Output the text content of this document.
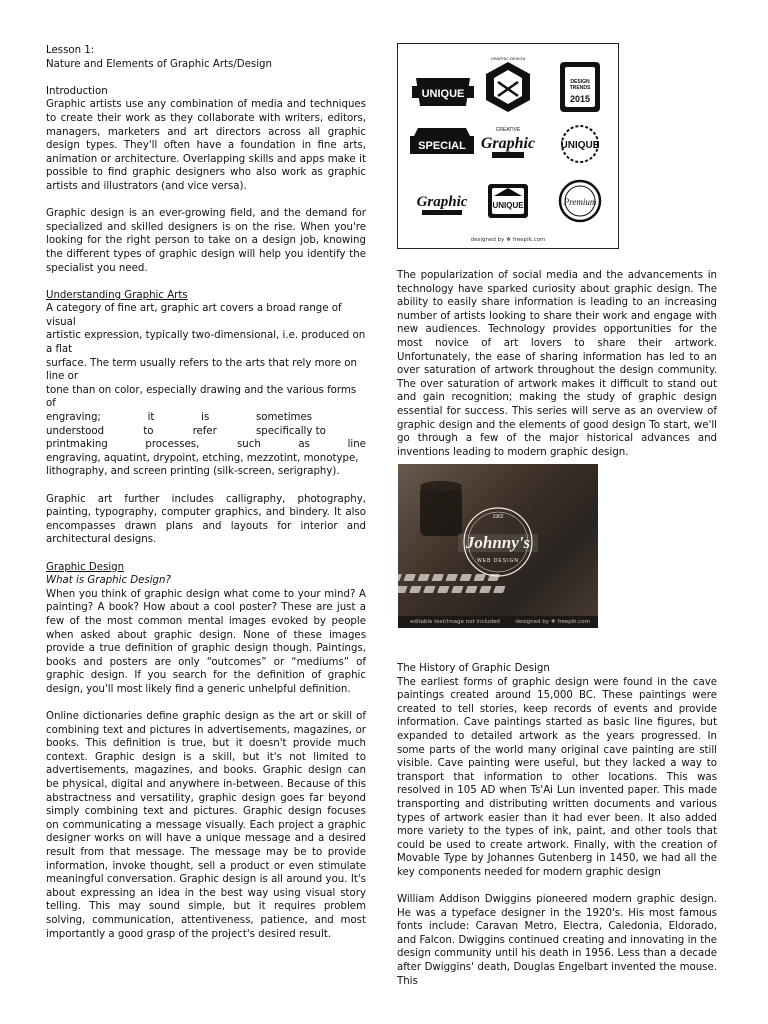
Lesson 1:

Nature and Elements of Graphic Arts/Design

Introduction

Graphic artists use any combination of media and techniques to create their work as they collaborate with writers, editors, managers, marketers and art directors across all graphic design types. They'll often have a foundation in fine arts, animation or architecture. Overlapping skills and apps make it possible to find graphic designers who also work as graphic artists and illustrators (and vice versa).

Graphic design is an ever-growing field, and the demand for specialized and skilled designers is on the rise. When you're looking for the right person to take on a design job, knowing the different types of graphic design will help you identify the specialist you need.

Understanding Graphic Arts

A category of fine art, graphic art covers a broad range of visual

artistic expression, typically two-dimensional, i.e. produced on a flat

surface. The term usually refers to the arts that rely more on line or

tone than on color, especially drawing and the various forms of

engraving;	it	is	sometimes
understood	to	refer	specifically to
printmaking	processes,	such	as	line

engraving, aquatint, drypoint, etching, mezzotint, monotype,

lithography, and screen printing (silk-screen, serigraphy).

Graphic art further includes calligraphy, photography, painting, typography, computer graphics, and bindery. It also encompasses drawn plans and layouts for interior and architectural designs.

Graphic Design

What is Graphic Design?

When you think of graphic design what come to your mind? A painting? A book? How about a cool poster? These are just a few of the most common mental images evoked by people when asked about graphic design. None of these images provide a true definition of graphic design though. Paintings, books and posters are only “outcomes” or “mediums” of graphic design. If you search for the definition of graphic design, you'll most likely find a generic unhelpful definition.

Online dictionaries define graphic design as the art or skill of combining text and pictures in advertisements, magazines, or books. This definition is true, but it doesn't provide much context. Graphic design is a skill, but it's not limited to advertisements, magazines, and books. Graphic design can be physical, digital and anywhere in-between. Because of this abstractness and versatility, graphic design goes far beyond simply combining text and pictures. Graphic design focuses on communicating a message visually. Each project a graphic designer works on will have a unique message and a desired result from that message. The message may be to provide information, invoke thought, sell a product or even stimulate meaningful conversation. Graphic design is all around you. It's about expressing an idea in the best way using visual story telling. This may sound simple, but it requires problem solving, communication, attentiveness, patience, and most importantly a good grasp of the project's desired result.

UNIQUE
GRAPHIC DESIGN
DESIGN
TRENDS
2015
SPECIAL
CREATIVE
Graphic	UNIQUE
Graphic	UNIQUE	Premium
designed by ❖ freepik.com

The popularization of social media and the advancements in technology have sparked curiosity about graphic design. The ability to easily share information is leading to an increasing number of artists looking to share their work and engage with new audiences. Technology provides opportunities for the most novice of art lovers to share their artwork. Unfortunately, the ease of sharing information has led to an over saturation of artwork throughout the design community. The over saturation of artwork makes it difficult to stand out and gain recognition; making the study of graphic design essential for success. This series will serve as an overview of graphic design and the elements of good design To start, we'll go through a few of the major historical advances and inventions leading to modern graphic design.

1962
Johnny's
WEB DESIGN
editable text/image not included	designed by ❖ freepik.com

The History of Graphic Design

The earliest forms of graphic design were found in the cave paintings created around 15,000 BC. These paintings were created to tell stories, keep records of events and provide information. Cave paintings started as basic line figures, but expanded to detailed artwork as the years progressed. In some parts of the world many original cave painting are still visible. Cave painting were useful, but they lacked a way to transport that information to other locations. This was resolved in 105 AD when Ts'Ai Lun invented paper. This made transporting and distributing written documents and various types of artwork easier than it had ever been. It also added more variety to the types of ink, paint, and other tools that could be used to create artwork. Finally, with the creation of Movable Type by Johannes Gutenberg in 1450, we had all the key components needed for modern graphic design

William Addison Dwiggins pioneered modern graphic design. He was a typeface designer in the 1920's. His most famous fonts include: Caravan Metro, Electra, Caledonia, Eldorado, and Falcon. Dwiggins continued creating and innovating in the design community until his death in 1956. Less than a decade after Dwiggins' death, Douglas Engelbart invented the mouse. This
